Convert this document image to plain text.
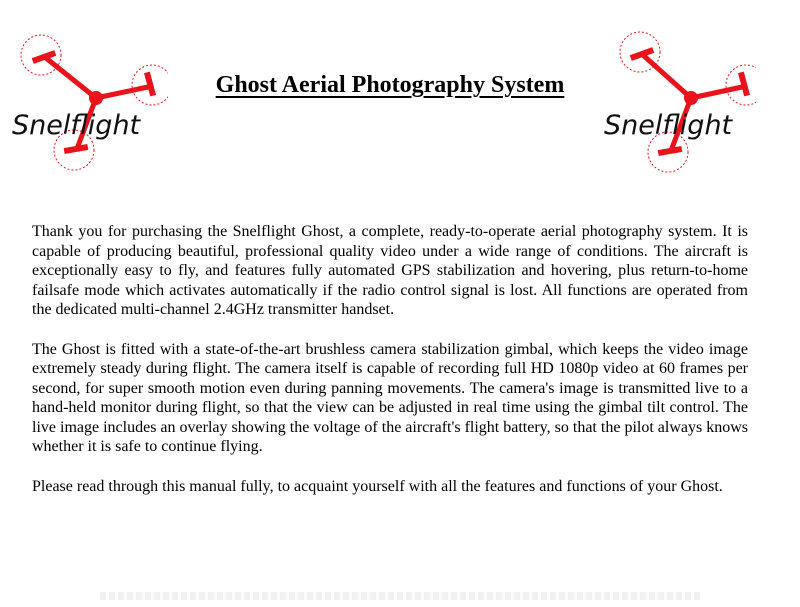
Snelflight	Snelflight
Ghost Aerial Photography System

Thank you for purchasing the Snelflight Ghost, a complete, ready-to-operate aerial photography system. It is capable of producing beautiful, professional quality video under a wide range of conditions. The aircraft is exceptionally easy to fly, and features fully automated GPS stabilization and hovering, plus return-to-home failsafe mode which activates automatically if the radio control signal is lost. All functions are operated from the dedicated multi-channel 2.4GHz transmitter handset.

The Ghost is fitted with a state-of-the-art brushless camera stabilization gimbal, which keeps the video image extremely steady during flight. The camera itself is capable of recording full HD 1080p video at 60 frames per second, for super smooth motion even during panning movements. The camera's image is transmitted live to a hand-held monitor during flight, so that the view can be adjusted in real time using the gimbal tilt control. The live image includes an overlay showing the voltage of the aircraft's flight battery, so that the pilot always knows whether it is safe to continue flying.

Please read through this manual fully, to acquaint yourself with all the features and functions of your Ghost.
